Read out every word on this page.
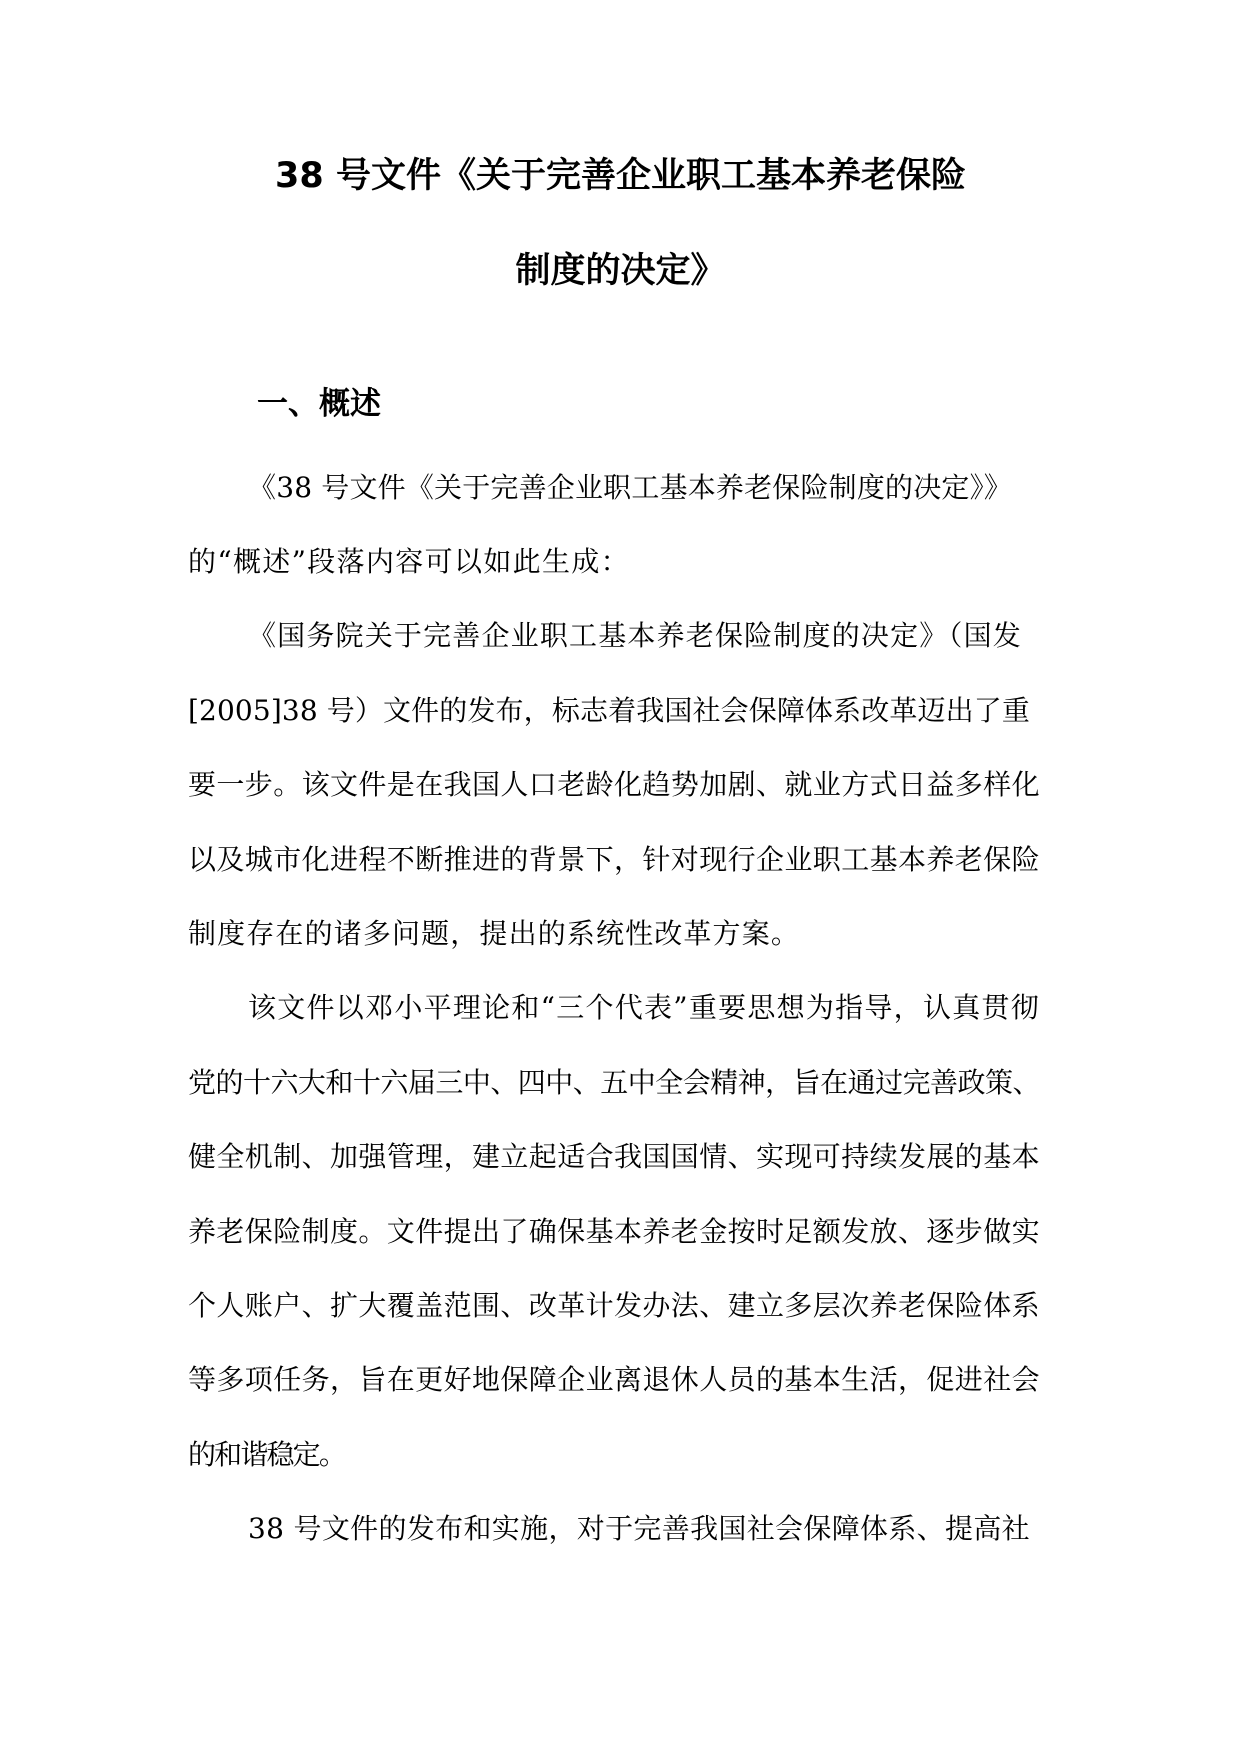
38 号文件《关于完善企业职工基本养老保险
制度的决定》
一、概述
《38 号文件《关于完善企业职工基本养老保险制度的决定》》
的“概述”段落内容可以如此生成：
《国务院关于完善企业职工基本养老保险制度的决定》（国发
[2005]38 号）文件的发布，标志着我国社会保障体系改革迈出了重
要一步。该文件是在我国人口老龄化趋势加剧、就业方式日益多样化
以及城市化进程不断推进的背景下，针对现行企业职工基本养老保险
制度存在的诸多问题，提出的系统性改革方案。
该文件以邓小平理论和“三个代表”重要思想为指导，认真贯彻
党的十六大和十六届三中、四中、五中全会精神，旨在通过完善政策、
健全机制、加强管理，建立起适合我国国情、实现可持续发展的基本
养老保险制度。文件提出了确保基本养老金按时足额发放、逐步做实
个人账户、扩大覆盖范围、改革计发办法、建立多层次养老保险体系
等多项任务，旨在更好地保障企业离退休人员的基本生活，促进社会
的和谐稳定。
38 号文件的发布和实施，对于完善我国社会保障体系、提高社
